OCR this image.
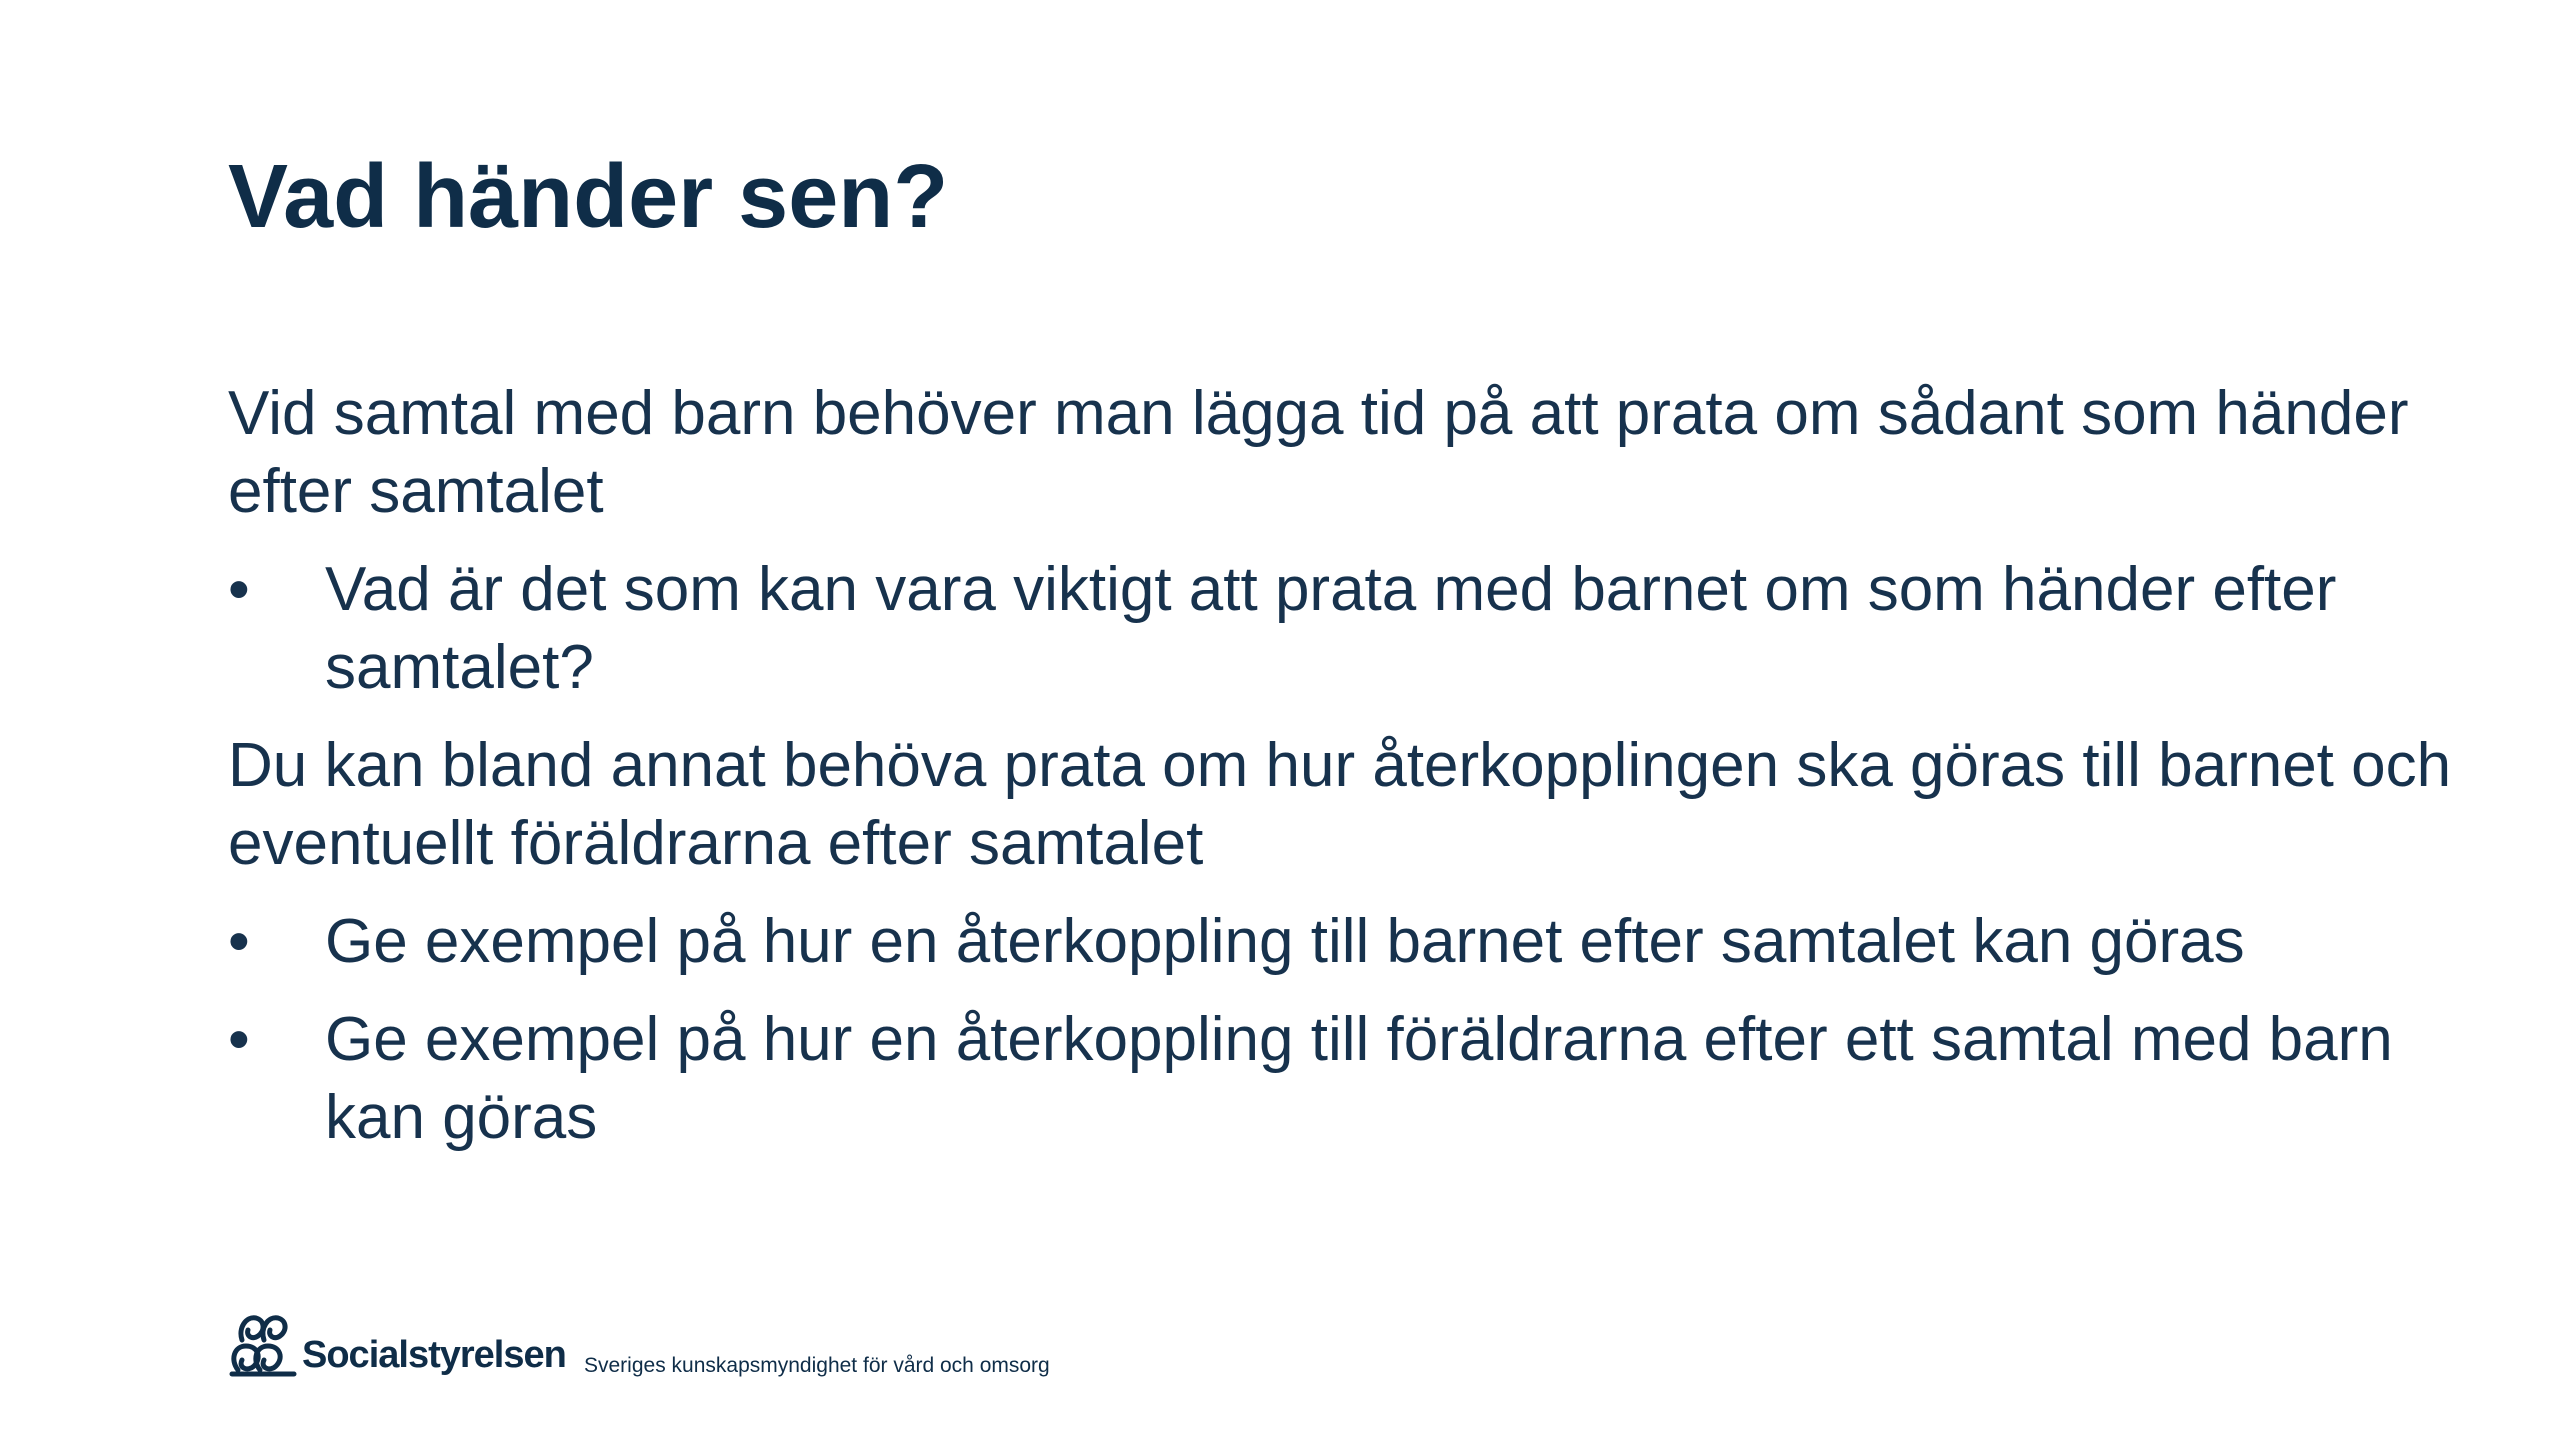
Vad händer sen?

Vid samtal med barn behöver man lägga tid på att prata om sådant som händer efter samtalet

• Vad är det som kan vara viktigt att prata med barnet om som händer efter samtalet?

Du kan bland annat behöva prata om hur återkopplingen ska göras till barnet och eventuellt föräldrarna efter samtalet

• Ge exempel på hur en återkoppling till barnet efter samtalet kan göras
• Ge exempel på hur en återkoppling till föräldrarna efter ett samtal med barn kan göras
Socialstyrelsen Sveriges kunskapsmyndighet för vård och omsorg
